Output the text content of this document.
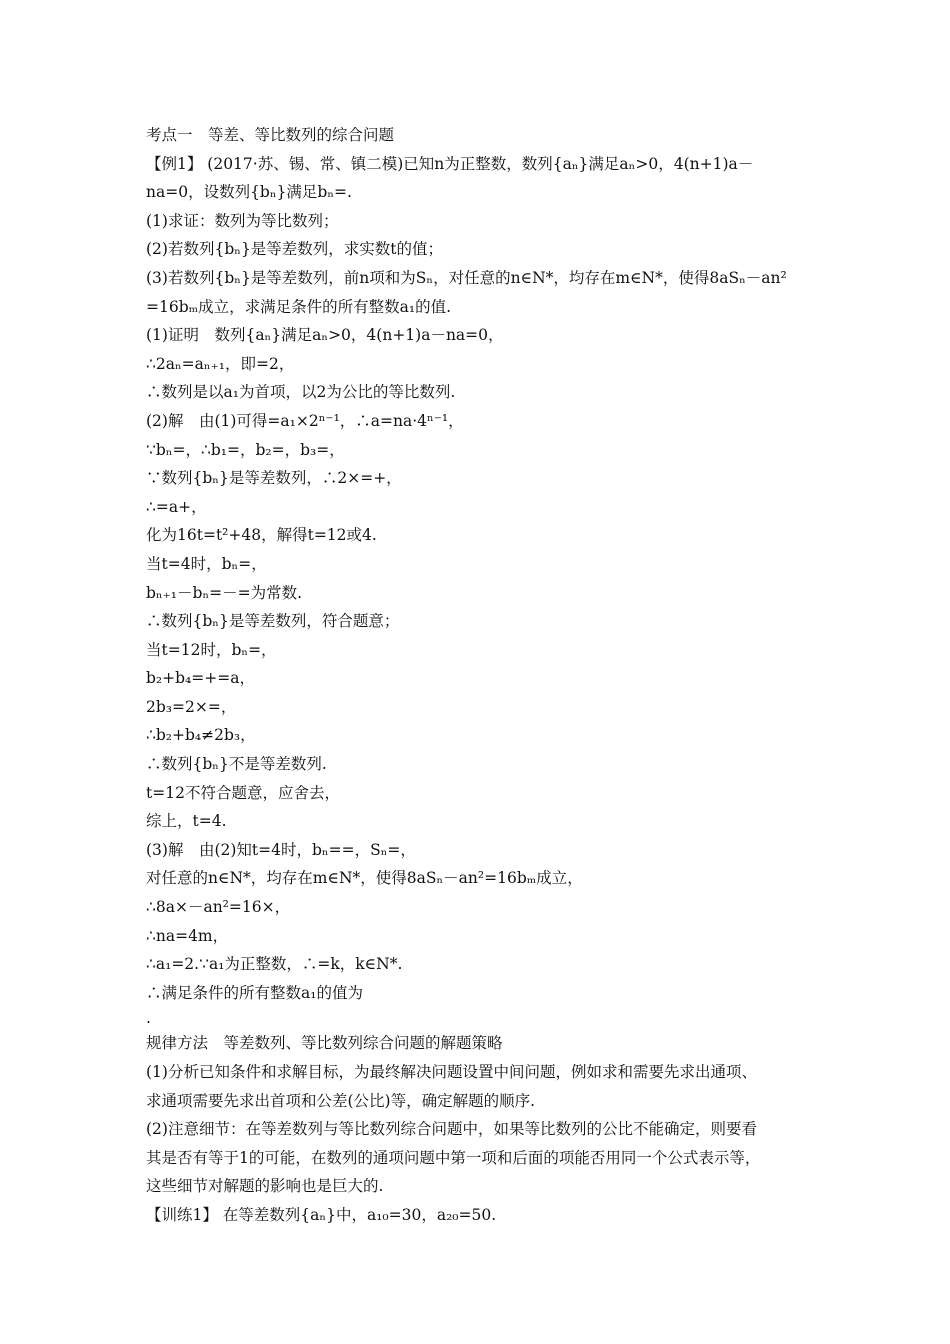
考点一　等差、等比数列的综合问题
【例1】 (2017·苏、锡、常、镇二模)已知n为正整数，数列{aₙ}满足aₙ>0，4(n+1)a－
na=0，设数列{bₙ}满足bₙ=.
(1)求证：数列为等比数列；
(2)若数列{bₙ}是等差数列，求实数t的值；
(3)若数列{bₙ}是等差数列，前n项和为Sₙ，对任意的n∈N*，均存在m∈N*，使得8aSₙ－an²
=16bₘ成立，求满足条件的所有整数a₁的值.
(1)证明　数列{aₙ}满足aₙ>0，4(n+1)a－na=0，
∴2aₙ=aₙ₊₁，即=2，
∴数列是以a₁为首项，以2为公比的等比数列.
(2)解　由(1)可得=a₁×2ⁿ⁻¹，∴a=na·4ⁿ⁻¹，
∵bₙ=，∴b₁=，b₂=，b₃=，
∵数列{bₙ}是等差数列，∴2×=+，
∴=a+，
化为16t=t²+48，解得t=12或4.
当t=4时，bₙ=，
bₙ₊₁－bₙ=－=为常数.
∴数列{bₙ}是等差数列，符合题意；
当t=12时，bₙ=，
b₂+b₄=+=a，
2b₃=2×=，
∴b₂+b₄≠2b₃，
∴数列{bₙ}不是等差数列.
t=12不符合题意，应舍去，
综上，t=4.
(3)解　由(2)知t=4时，bₙ==，Sₙ=，
对任意的n∈N*，均存在m∈N*，使得8aSₙ－an²=16bₘ成立，
∴8a×－an²=16×，
∴na=4m，
∴a₁=2.∵a₁为正整数，∴=k，k∈N*.
∴满足条件的所有整数a₁的值为
.
规律方法　等差数列、等比数列综合问题的解题策略
(1)分析已知条件和求解目标，为最终解决问题设置中间问题，例如求和需要先求出通项、
求通项需要先求出首项和公差(公比)等，确定解题的顺序.
(2)注意细节：在等差数列与等比数列综合问题中，如果等比数列的公比不能确定，则要看
其是否有等于1的可能，在数列的通项问题中第一项和后面的项能否用同一个公式表示等，
这些细节对解题的影响也是巨大的.
【训练1】 在等差数列{aₙ}中，a₁₀=30，a₂₀=50.
